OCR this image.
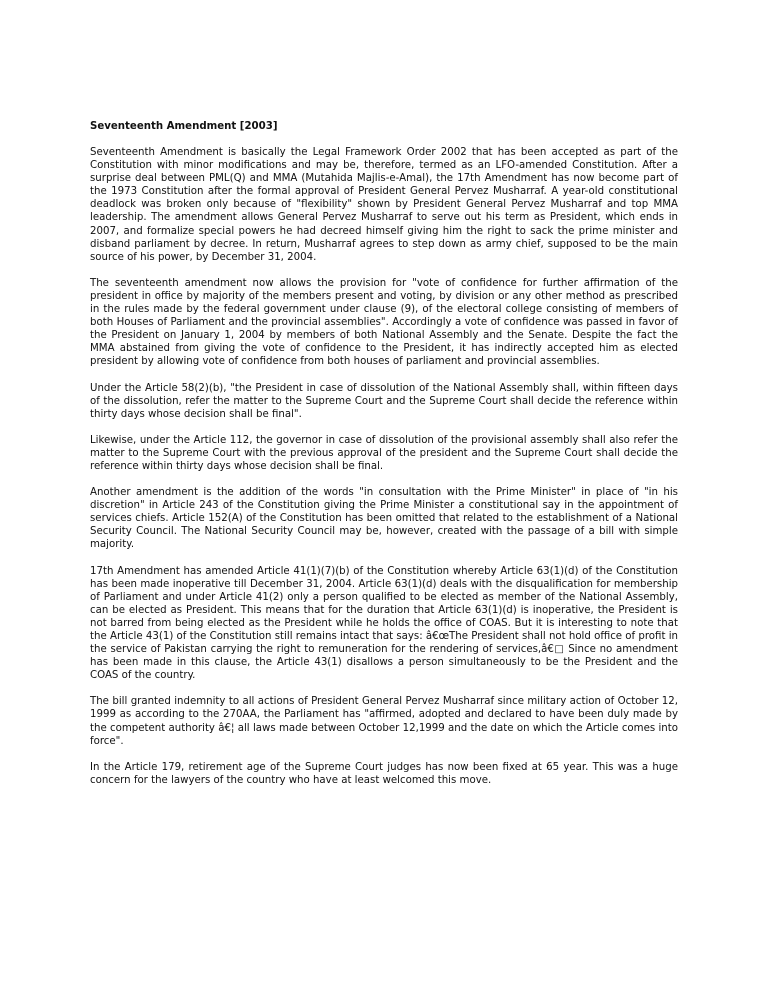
Seventeenth Amendment [2003]

Seventeenth Amendment is basically the Legal Framework Order 2002 that has been accepted as part of the Constitution with minor modifications and may be, therefore, termed as an LFO-amended Constitution. After a surprise deal between PML(Q) and MMA (Mutahida Majlis-e-Amal), the 17th Amendment has now become part of the 1973 Constitution after the formal approval of President General Pervez Musharraf. A year-old constitutional deadlock was broken only because of "flexibility" shown by President General Pervez Musharraf and top MMA leadership. The amendment allows General Pervez Musharraf to serve out his term as President, which ends in 2007, and formalize special powers he had decreed himself giving him the right to sack the prime minister and disband parliament by decree. In return, Musharraf agrees to step down as army chief, supposed to be the main source of his power, by December 31, 2004.

The seventeenth amendment now allows the provision for "vote of confidence for further affirmation of the president in office by majority of the members present and voting, by division or any other method as prescribed in the rules made by the federal government under clause (9), of the electoral college consisting of members of both Houses of Parliament and the provincial assemblies". Accordingly a vote of confidence was passed in favor of the President on January 1, 2004 by members of both National Assembly and the Senate. Despite the fact the MMA abstained from giving the vote of confidence to the President, it has indirectly accepted him as elected president by allowing vote of confidence from both houses of parliament and provincial assemblies.

Under the Article 58(2)(b), "the President in case of dissolution of the National Assembly shall, within fifteen days of the dissolution, refer the matter to the Supreme Court and the Supreme Court shall decide the reference within thirty days whose decision shall be final".

Likewise, under the Article 112, the governor in case of dissolution of the provisional assembly shall also refer the matter to the Supreme Court with the previous approval of the president and the Supreme Court shall decide the reference within thirty days whose decision shall be final.

Another amendment is the addition of the words "in consultation with the Prime Minister" in place of "in his discretion" in Article 243 of the Constitution giving the Prime Minister a constitutional say in the appointment of services chiefs. Article 152(A) of the Constitution has been omitted that related to the establishment of a National Security Council. The National Security Council may be, however, created with the passage of a bill with simple majority.

17th Amendment has amended Article 41(1)(7)(b) of the Constitution whereby Article 63(1)(d) of the Constitution has been made inoperative till December 31, 2004. Article 63(1)(d) deals with the disqualification for membership of Parliament and under Article 41(2) only a person qualified to be elected as member of the National Assembly, can be elected as President. This means that for the duration that Article 63(1)(d) is inoperative, the President is not barred from being elected as the President while he holds the office of COAS. But it is interesting to note that the Article 43(1) of the Constitution still remains intact that says: â€œThe President shall not hold office of profit in the service of Pakistan carrying the right to remuneration for the rendering of services,â€□ Since no amendment has been made in this clause, the Article 43(1) disallows a person simultaneously to be the President and the COAS of the country.

The bill granted indemnity to all actions of President General Pervez Musharraf since military action of October 12, 1999 as according to the 270AA, the Parliament has "affirmed, adopted and declared to have been duly made by the competent authority â€¦ all laws made between October 12,1999 and the date on which the Article comes into force".

In the Article 179, retirement age of the Supreme Court judges has now been fixed at 65 year. This was a huge concern for the lawyers of the country who have at least welcomed this move.
